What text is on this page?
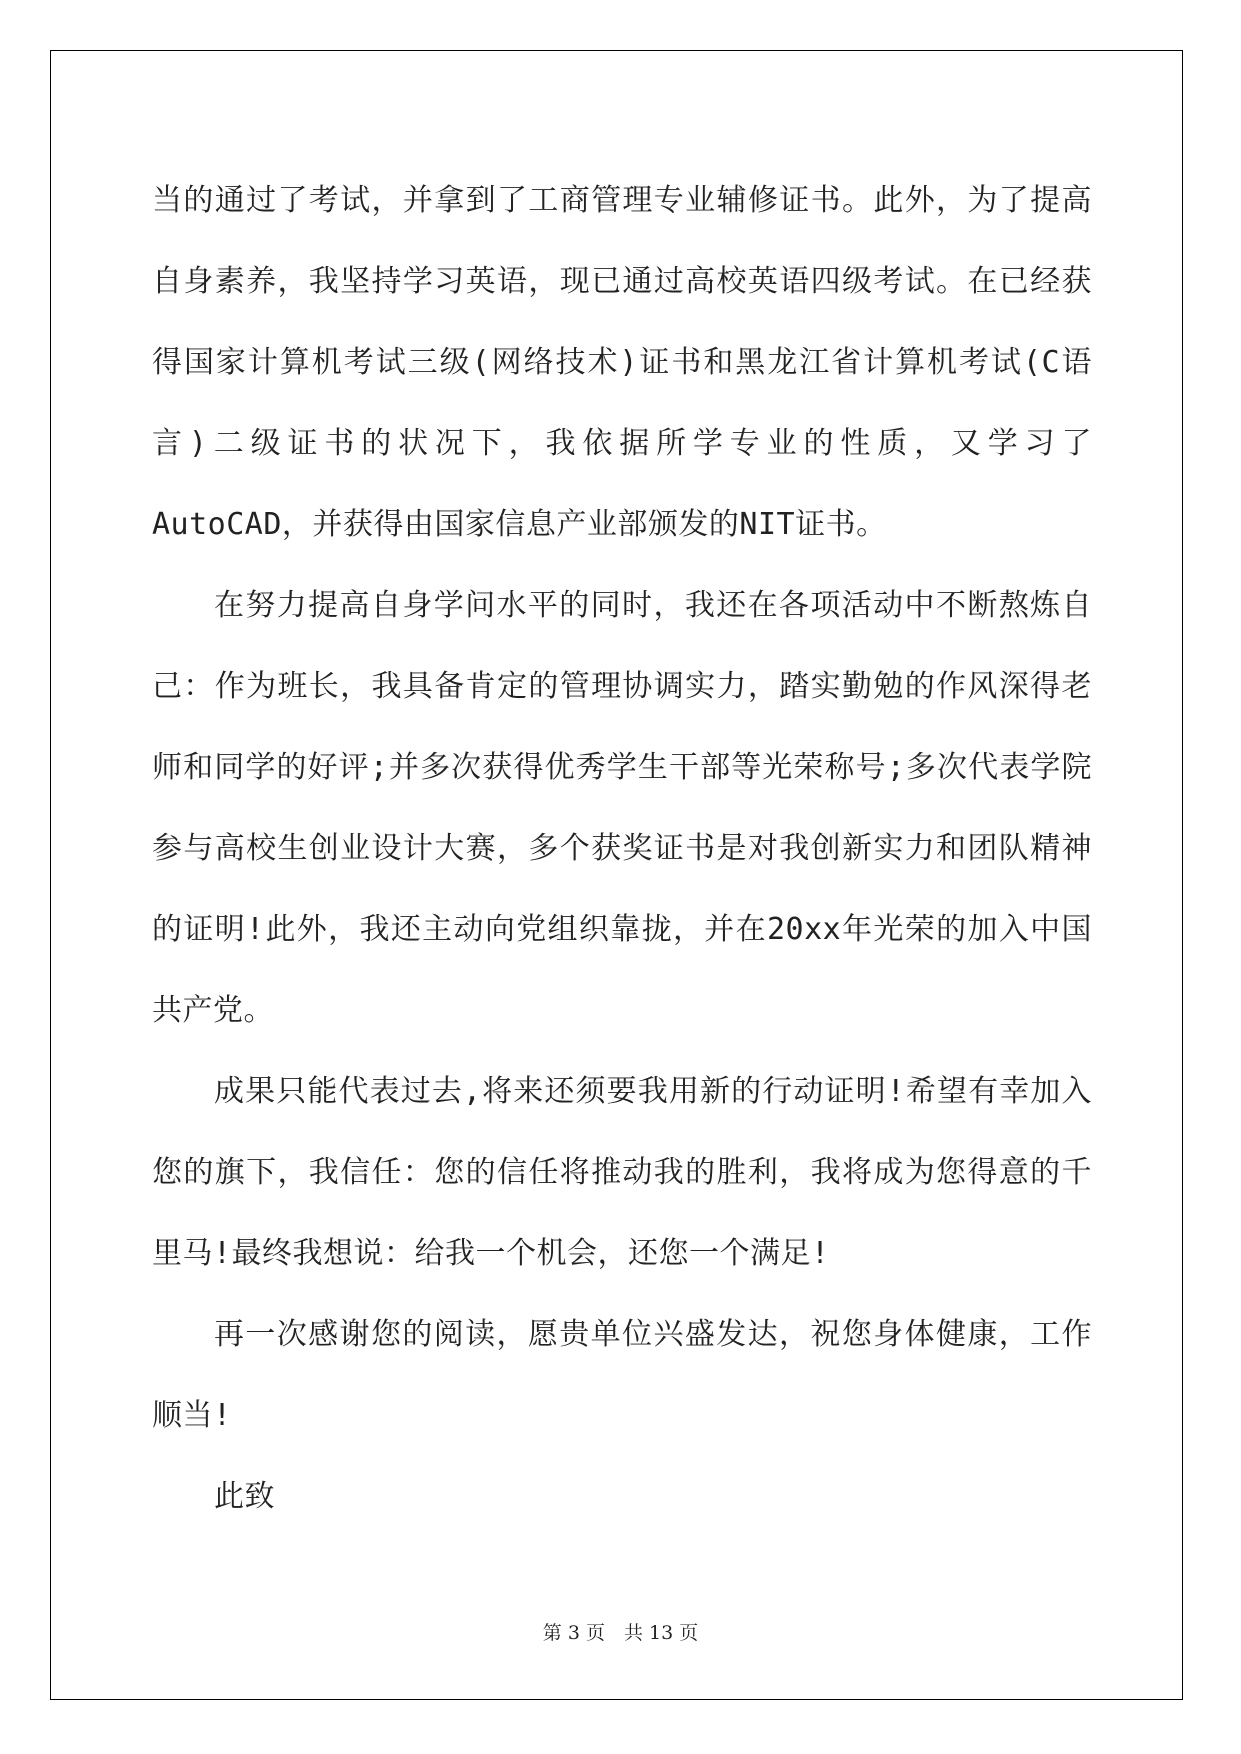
当的通过了考试，并拿到了工商管理专业辅修证书。此外，为了提高自身素养，我坚持学习英语，现已通过高校英语四级考试。在已经获得国家计算机考试三级(网络技术)证书和黑龙江省计算机考试(C语言)二级证书的状况下，我依据所学专业的性质，又学习了AutoCAD，并获得由国家信息产业部颁发的NIT证书。

在努力提高自身学问水平的同时，我还在各项活动中不断熬炼自己：作为班长，我具备肯定的管理协调实力，踏实勤勉的作风深得老师和同学的好评;并多次获得优秀学生干部等光荣称号;多次代表学院参与高校生创业设计大赛，多个获奖证书是对我创新实力和团队精神的证明!此外，我还主动向党组织靠拢，并在20xx年光荣的加入中国共产党。

成果只能代表过去,将来还须要我用新的行动证明!希望有幸加入您的旗下，我信任：您的信任将推动我的胜利，我将成为您得意的千里马!最终我想说：给我一个机会，还您一个满足!

再一次感谢您的阅读，愿贵单位兴盛发达，祝您身体健康，工作顺当!

此致

第 3 页　共 13 页
